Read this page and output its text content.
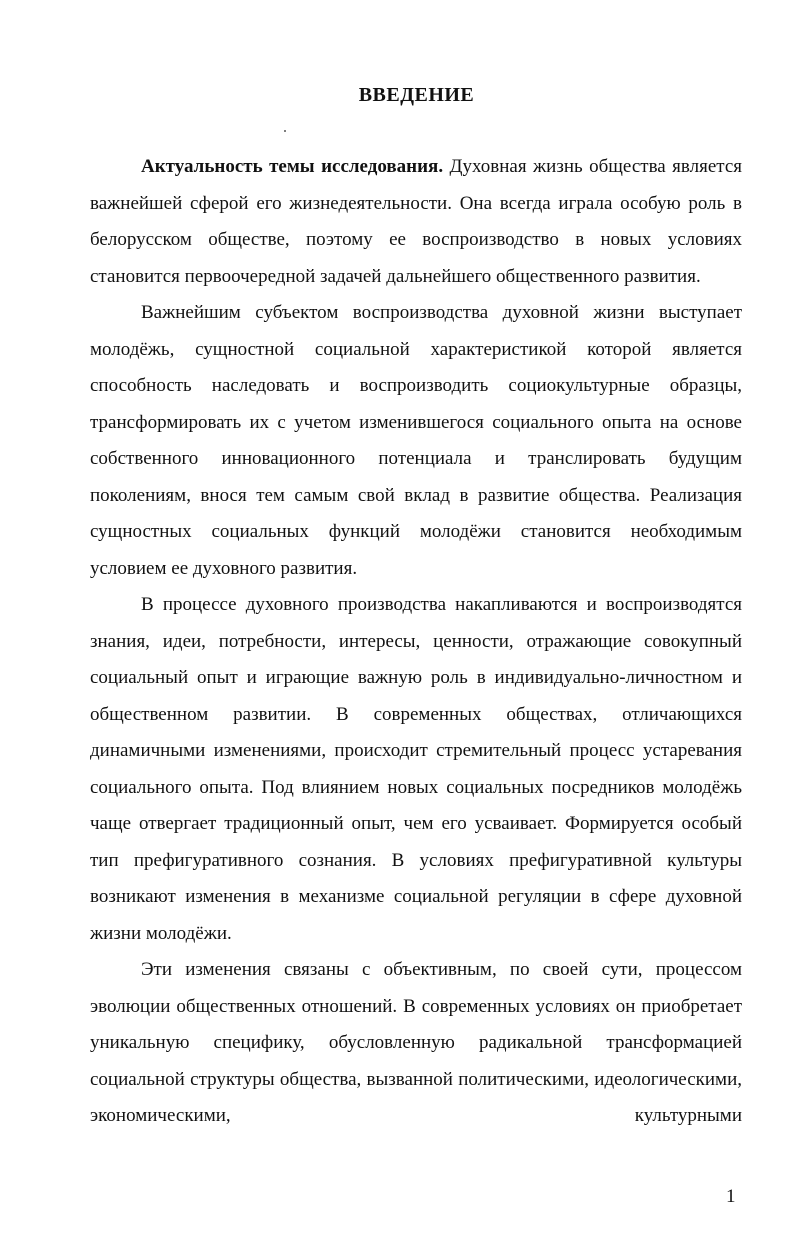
ВВЕДЕНИЕ

Актуальность темы исследования. Духовная жизнь общества является важнейшей сферой его жизнедеятельности. Она всегда играла особую роль в белорусском обществе, поэтому ее воспроизводство в новых условиях становится первоочередной задачей дальнейшего общественного развития.

Важнейшим субъектом воспроизводства духовной жизни выступает молодёжь, сущностной социальной характеристикой которой является способность наследовать и воспроизводить социокультурные образцы, трансформировать их с учетом изменившегося социального опыта на основе собственного инновационного потенциала и транслировать будущим поколениям, внося тем самым свой вклад в развитие общества. Реализация сущностных социальных функций молодёжи становится необходимым условием ее духовного развития.

В процессе духовного производства накапливаются и воспроизводятся знания, идеи, потребности, интересы, ценности, отражающие совокупный социальный опыт и играющие важную роль в индивидуально-личностном и общественном развитии. В современных обществах, отличающихся динамичными изменениями, происходит стремительный процесс устаревания социального опыта. Под влиянием новых социальных посредников молодёжь чаще отвергает традиционный опыт, чем его усваивает. Формируется особый тип префигуративного сознания. В условиях префигуративной культуры возникают изменения в механизме социальной регуляции в сфере духовной жизни молодёжи.

Эти изменения связаны с объективным, по своей сути, процессом эволюции общественных отношений. В современных условиях он приобретает уникальную специфику, обусловленную радикальной трансформацией социальной структуры общества, вызванной политическими, идеологическими, экономическими, культурными

1
